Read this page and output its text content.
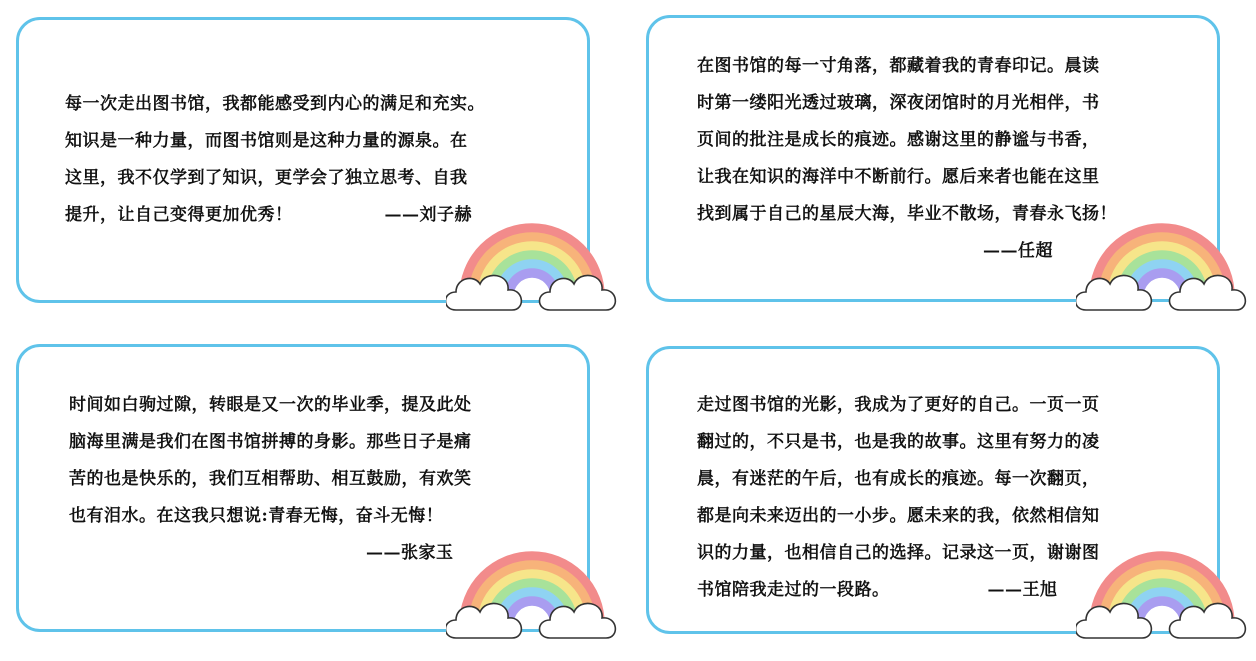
每一次走出图书馆，我都能感受到内心的满足和充实。
知识是一种力量，而图书馆则是这种力量的源泉。在
这里，我不仅学到了知识，更学会了独立思考、自我
提升，让自己变得更加优秀！	——刘子赫
在图书馆的每一寸角落，都藏着我的青春印记。晨读
时第一缕阳光透过玻璃，深夜闭馆时的月光相伴，书
页间的批注是成长的痕迹。感谢这里的静谧与书香，
让我在知识的海洋中不断前行。愿后来者也能在这里
找到属于自己的星辰大海，毕业不散场，青春永飞扬！
——任超
时间如白驹过隙，转眼是又一次的毕业季，提及此处
脑海里满是我们在图书馆拼搏的身影。那些日子是痛
苦的也是快乐的，我们互相帮助、相互鼓励，有欢笑
也有泪水。在这我只想说:青春无悔，奋斗无悔！
——张家玉
走过图书馆的光影，我成为了更好的自己。一页一页
翻过的，不只是书，也是我的故事。这里有努力的凌
晨，有迷茫的午后，也有成长的痕迹。每一次翻页，
都是向未来迈出的一小步。愿未来的我，依然相信知
识的力量，也相信自己的选择。记录这一页，谢谢图
书馆陪我走过的一段路。	——王旭
